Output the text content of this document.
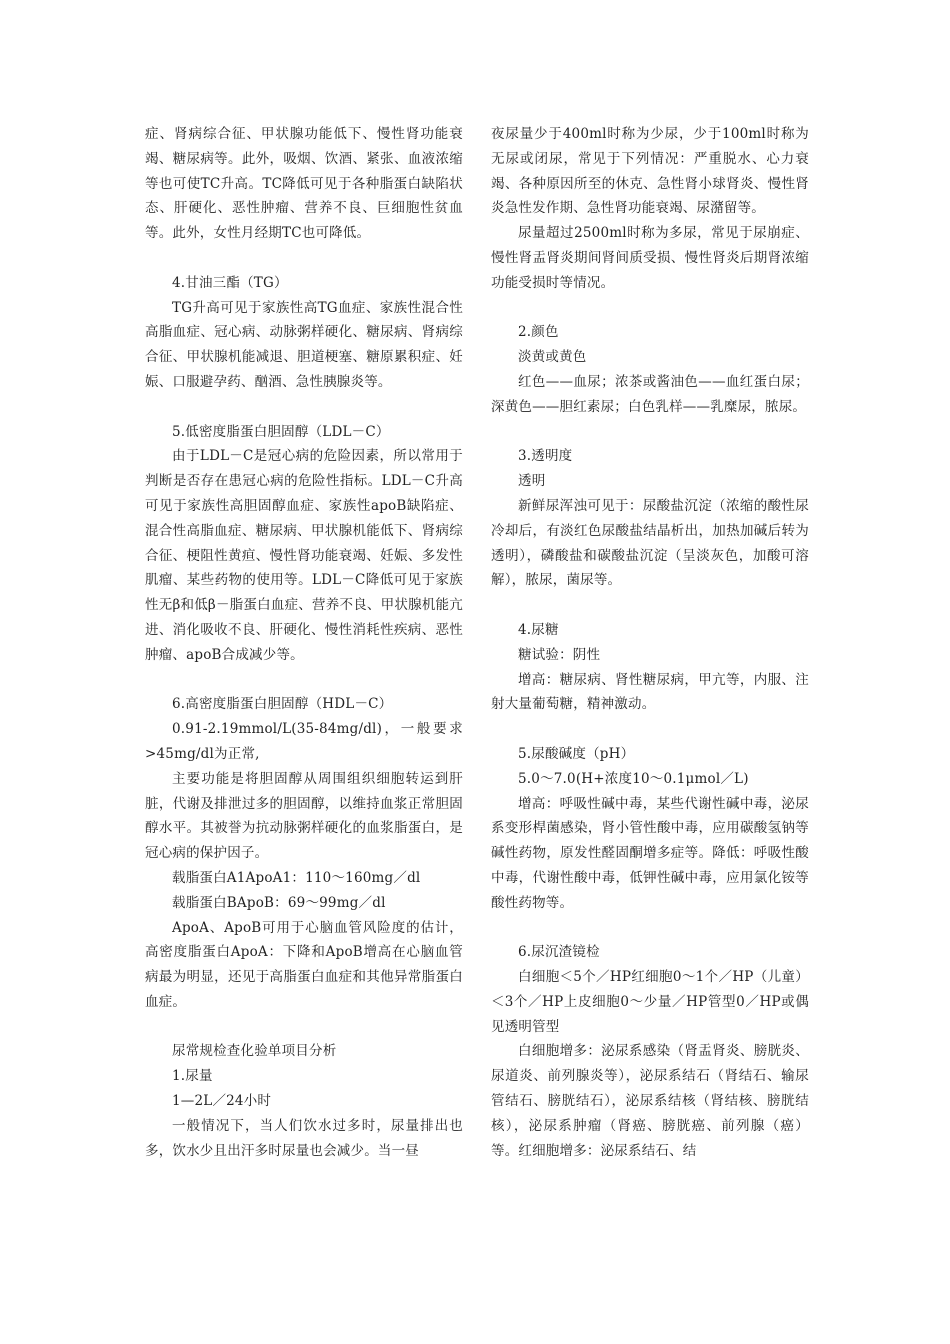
症、肾病综合征、甲状腺功能低下、慢性肾功能衰竭、糖尿病等。此外，吸烟、饮酒、紧张、血液浓缩等也可使TC升高。TC降低可见于各种脂蛋白缺陷状态、肝硬化、恶性肿瘤、营养不良、巨细胞性贫血等。此外，女性月经期TC也可降低。

4.甘油三酯（TG）

TG升高可见于家族性高TG血症、家族性混合性高脂血症、冠心病、动脉粥样硬化、糖尿病、肾病综合征、甲状腺机能减退、胆道梗塞、糖原累积症、妊娠、口服避孕药、酗酒、急性胰腺炎等。

5.低密度脂蛋白胆固醇（LDL－C）

由于LDL－C是冠心病的危险因素，所以常用于判断是否存在患冠心病的危险性指标。LDL－C升高可见于家族性高胆固醇血症、家族性apoB缺陷症、混合性高脂血症、糖尿病、甲状腺机能低下、肾病综合征、梗阻性黄疸、慢性肾功能衰竭、妊娠、多发性肌瘤、某些药物的使用等。LDL－C降低可见于家族性无β和低β－脂蛋白血症、营养不良、甲状腺机能亢进、消化吸收不良、肝硬化、慢性消耗性疾病、恶性肿瘤、apoB合成减少等。

6.高密度脂蛋白胆固醇（HDL－C）

0.91-2.19mmol/L(35-84mg/dl)，一般要求>45mg/dl为正常,

主要功能是将胆固醇从周围组织细胞转运到肝脏，代谢及排泄过多的胆固醇，以维持血浆正常胆固醇水平。其被誉为抗动脉粥样硬化的血浆脂蛋白，是冠心病的保护因子。

载脂蛋白A1ApoA1：110～160mg／dl

载脂蛋白BApoB：69～99mg／dl

ApoA、ApoB可用于心脑血管风险度的估计，高密度脂蛋白ApoA：下降和ApoB增高在心脑血管病最为明显，还见于高脂蛋白血症和其他异常脂蛋白血症。

尿常规检查化验单项目分析

1.尿量

1—2L／24小时

一般情况下，当人们饮水过多时，尿量排出也多，饮水少且出汗多时尿量也会减少。当一昼

夜尿量少于400ml时称为少尿，少于100ml时称为无尿或闭尿，常见于下列情况：严重脱水、心力衰竭、各种原因所至的休克、急性肾小球肾炎、慢性肾炎急性发作期、急性肾功能衰竭、尿潴留等。

尿量超过2500ml时称为多尿，常见于尿崩症、慢性肾盂肾炎期间肾间质受损、慢性肾炎后期肾浓缩功能受损时等情况。

2.颜色

淡黄或黄色

红色——血尿；浓茶或酱油色——血红蛋白尿；深黄色——胆红素尿；白色乳样——乳糜尿，脓尿。

3.透明度

透明

新鲜尿浑浊可见于：尿酸盐沉淀（浓缩的酸性尿冷却后，有淡红色尿酸盐结晶析出，加热加碱后转为透明），磷酸盐和碳酸盐沉淀（呈淡灰色，加酸可溶解），脓尿，菌尿等。

4.尿糖

糖试验：阴性

增高：糖尿病、肾性糖尿病，甲亢等，内服、注射大量葡萄糖，精神激动。

5.尿酸碱度（pH）

5.0～7.0(H+浓度10～0.1μmol／L)

增高：呼吸性碱中毒，某些代谢性碱中毒，泌尿系变形桿菌感染，肾小管性酸中毒，应用碳酸氢钠等碱性药物，原发性醛固酮增多症等。降低：呼吸性酸中毒，代谢性酸中毒，低钾性碱中毒，应用氯化铵等酸性药物等。

6.尿沉渣镜检

白细胞＜5个／HP红细胞0～1个／HP（儿童）＜3个／HP上皮细胞0～少量／HP管型0／HP或偶见透明管型

白细胞增多：泌尿系感染（肾盂肾炎、膀胱炎、尿道炎、前列腺炎等），泌尿系结石（肾结石、输尿管结石、膀胱结石），泌尿系结核（肾结核、膀胱结核），泌尿系肿瘤（肾癌、膀胱癌、前列腺（癌）等。红细胞增多：泌尿系结石、结
